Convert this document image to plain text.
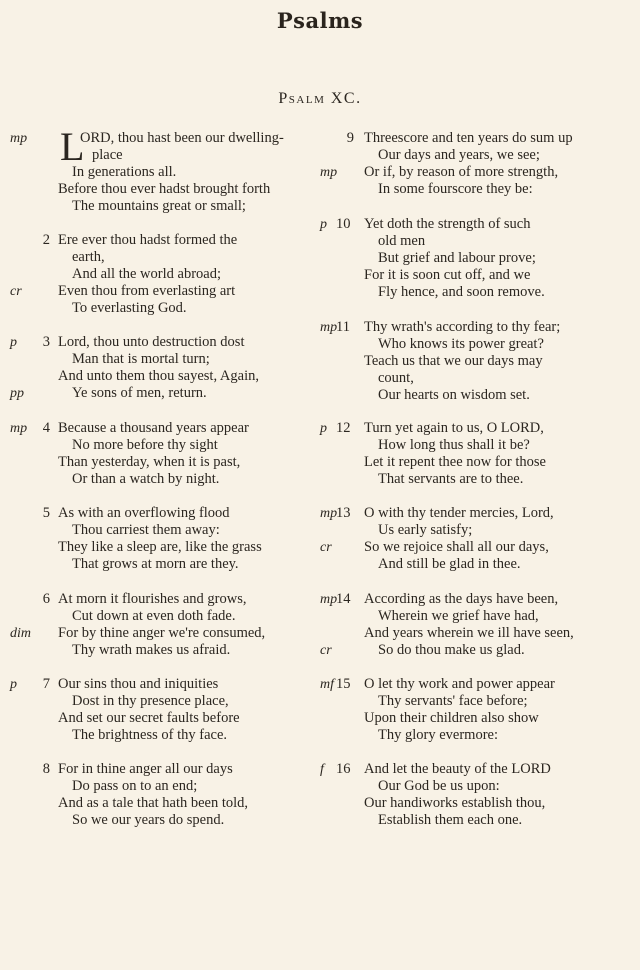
Psalms
Psalm XC.
mp L
ORD, thou hast been our dwelling-
place
In generations all.
Before thou ever hadst brought forth
The mountains great or small;
2 Ere ever thou hadst formed the
earth,
And all the world abroad;
cr	Even thou from everlasting art
To everlasting God.
p	3 Lord, thou unto destruction dost
Man that is mortal turn;
And unto them thou sayest, Again,
pp	Ye sons of men, return.
mp	4 Because a thousand years appear
No more before thy sight
Than yesterday, when it is past,
Or than a watch by night.
5 As with an overflowing flood
Thou carriest them away:
They like a sleep are, like the grass
That grows at morn are they.
6 At morn it flourishes and grows,
Cut down at even doth fade.
dim	For by thine anger we're consumed,
Thy wrath makes us afraid.
p	7 Our sins thou and iniquities
Dost in thy presence place,
And set our secret faults before
The brightness of thy face.
8 For in thine anger all our days
Do pass on to an end;
And as a tale that hath been told,
So we our years do spend.
9 Threescore and ten years do sum up
Our days and years, we see;
mp	Or if, by reason of more strength,
In some fourscore they be:
p 10 Yet doth the strength of such
old men
But grief and labour prove;
For it is soon cut off, and we
Fly hence, and soon remove.
mp
11 Thy wrath's according to thy fear;
Who knows its power great?
Teach us that we our days may
count,
Our hearts on wisdom set.
p 12 Turn yet again to us, O LORD,
How long thus shall it be?
Let it repent thee now for those
That servants are to thee.
mp
13 O with thy tender mercies, Lord,
Us early satisfy;
cr	So we rejoice shall all our days,
And still be glad in thee.
mp
14 According as the days have been,
Wherein we grief have had,
And years wherein we ill have seen,
cr	So do thou make us glad.
mf 15 O let thy work and power appear
Thy servants' face before;
Upon their children also show
Thy glory evermore:
f 16 And let the beauty of the LORD
Our God be us upon:
Our handiworks establish thou,
Establish them each one.
